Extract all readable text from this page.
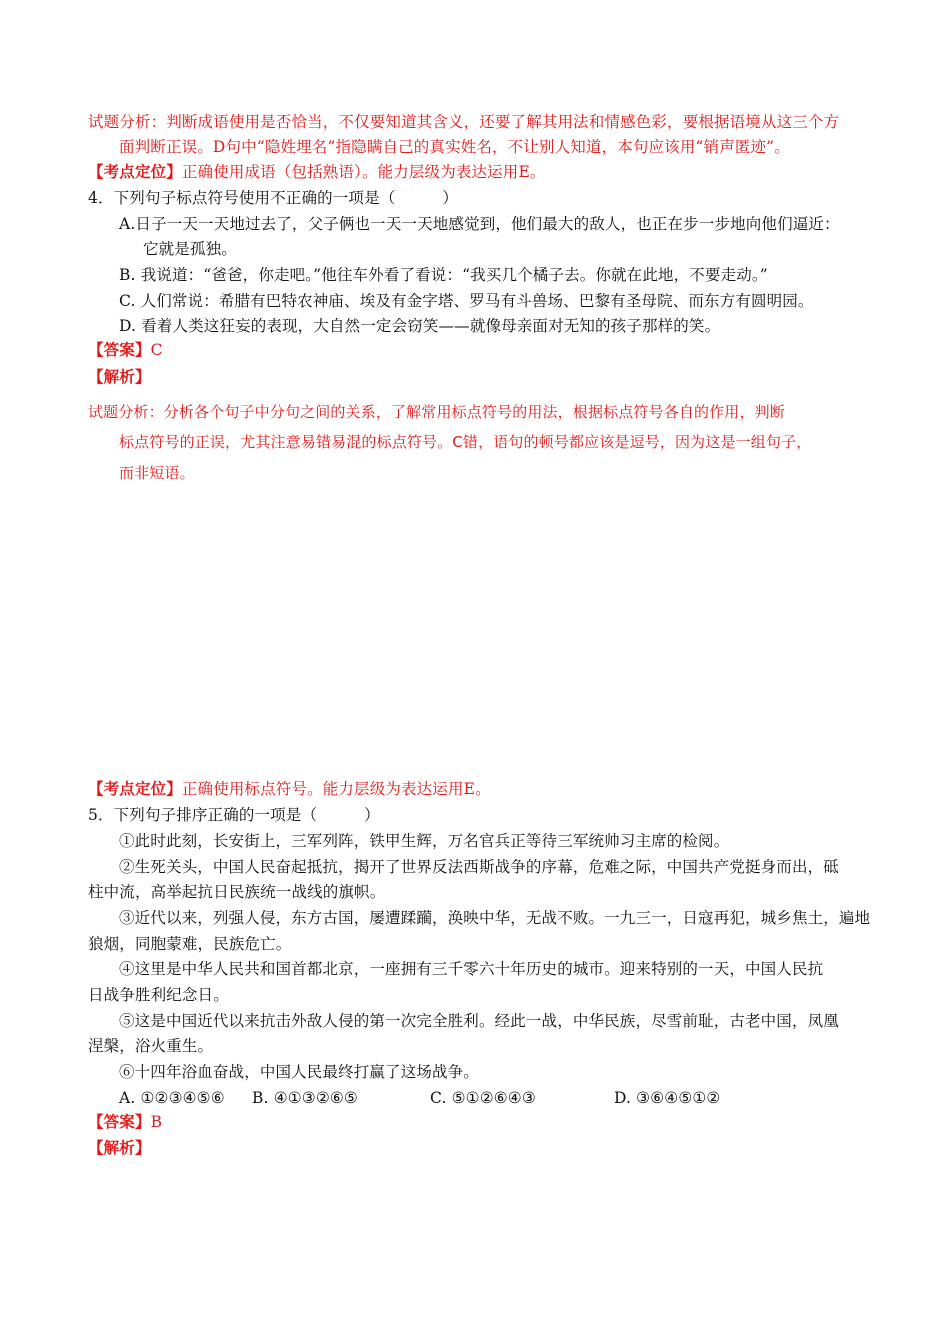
试题分析：判断成语使用是否恰当，不仅要知道其含义，还要了解其用法和情感色彩，要根据语境从这三个方
面判断正误。D句中“隐姓埋名”指隐瞒自己的真实姓名，不让别人知道，本句应该用“销声匿迹”。
【考点定位】正确使用成语（包括熟语）。能力层级为表达运用E。
4．下列句子标点符号使用不正确的一项是（　　　）
A.日子一天一天地过去了，父子俩也一天一天地感觉到，他们最大的敌人，也正在步一步地向他们逼近：
它就是孤独。
B. 我说道：“爸爸，你走吧。”他往车外看了看说：“我买几个橘子去。你就在此地，不要走动。”
C. 人们常说：希腊有巴特农神庙、埃及有金字塔、罗马有斗兽场、巴黎有圣母院、而东方有圆明园。
D. 看着人类这狂妄的表现，大自然一定会窃笑——就像母亲面对无知的孩子那样的笑。
【答案】C
【解析】
试题分析：分析各个句子中分句之间的关系，了解常用标点符号的用法，根据标点符号各自的作用，判断
标点符号的正误，尤其注意易错易混的标点符号。C错，语句的顿号都应该是逗号，因为这是一组句子，
而非短语。
【考点定位】正确使用标点符号。能力层级为表达运用E。
5．下列句子排序正确的一项是（　　　）
①此时此刻，长安街上，三军列阵，铁甲生辉，万名官兵正等待三军统帅习主席的检阅。
②生死关头，中国人民奋起抵抗，揭开了世界反法西斯战争的序幕，危难之际，中国共产党挺身而出，砥
柱中流，高举起抗日民族统一战线的旗帜。
③近代以来，列强人侵，东方古国，屡遭蹂躏，涣映中华，无战不败。一九三一，日寇再犯，城乡焦土，遍地
狼烟，同胞蒙难，民族危亡。
④这里是中华人民共和国首都北京，一座拥有三千零六十年历史的城市。迎来特别的一天，中国人民抗
日战争胜利纪念日。
⑤这是中国近代以来抗击外敌人侵的第一次完全胜利。经此一战，中华民族，尽雪前耻，古老中国，凤凰
涅槃，浴火重生。
⑥十四年浴血奋战，中国人民最终打赢了这场战争。
A. ①②③④⑤⑥ B. ④①③②⑥⑤	C. ⑤①②⑥④③	D. ③⑥④⑤①②
【答案】B
【解析】
